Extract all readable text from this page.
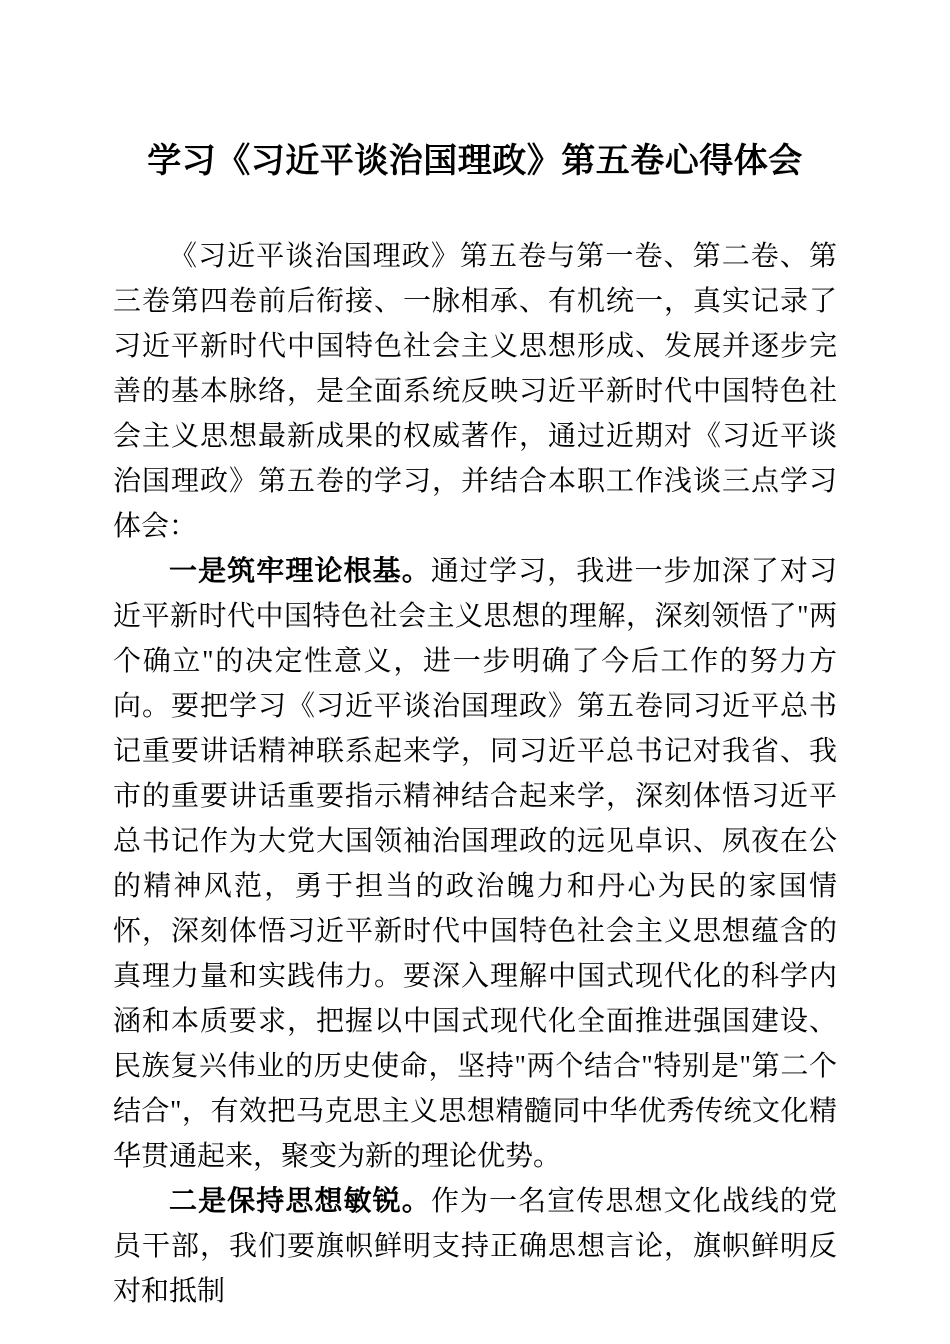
学习《习近平谈治国理政》第五卷心得体会

《习近平谈治国理政》第五卷与第一卷、第二卷、第三卷第四卷前后衔接、一脉相承、有机统一，真实记录了习近平新时代中国特色社会主义思想形成、发展并逐步完善的基本脉络，是全面系统反映习近平新时代中国特色社会主义思想最新成果的权威著作，通过近期对《习近平谈治国理政》第五卷的学习，并结合本职工作浅谈三点学习体会：

一是筑牢理论根基。通过学习，我进一步加深了对习近平新时代中国特色社会主义思想的理解，深刻领悟了"两个确立"的决定性意义，进一步明确了今后工作的努力方向。要把学习《习近平谈治国理政》第五卷同习近平总书记重要讲话精神联系起来学，同习近平总书记对我省、我市的重要讲话重要指示精神结合起来学，深刻体悟习近平总书记作为大党大国领袖治国理政的远见卓识、夙夜在公的精神风范，勇于担当的政治魄力和丹心为民的家国情怀，深刻体悟习近平新时代中国特色社会主义思想蕴含的真理力量和实践伟力。要深入理解中国式现代化的科学内涵和本质要求，把握以中国式现代化全面推进强国建设、民族复兴伟业的历史使命，坚持"两个结合"特别是"第二个结合"，有效把马克思主义思想精髓同中华优秀传统文化精华贯通起来，聚变为新的理论优势。

二是保持思想敏锐。作为一名宣传思想文化战线的党员干部，我们要旗帜鲜明支持正确思想言论，旗帜鲜明反对和抵制
